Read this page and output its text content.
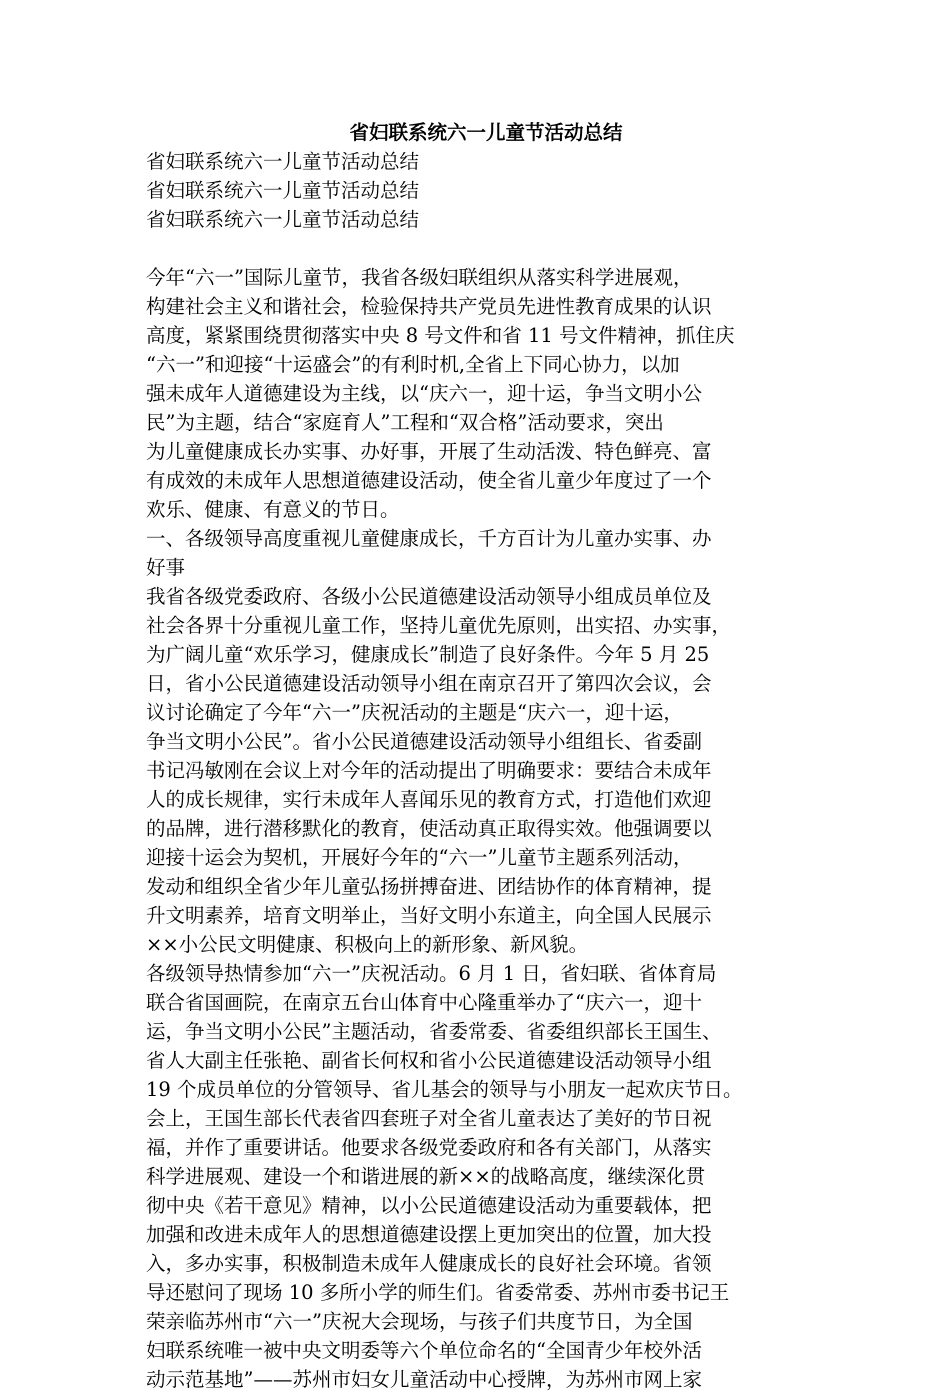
省妇联系统六一儿童节活动总结
省妇联系统六一儿童节活动总结
省妇联系统六一儿童节活动总结
省妇联系统六一儿童节活动总结
今年“六一”国际儿童节，我省各级妇联组织从落实科学进展观，
构建社会主义和谐社会，检验保持共产党员先进性教育成果的认识
高度，紧紧围绕贯彻落实中央 8 号文件和省 11 号文件精神，抓住庆
“六一”和迎接“十运盛会”的有利时机,全省上下同心协力，以加
强未成年人道德建设为主线，以“庆六一，迎十运，争当文明小公
民”为主题，结合“家庭育人”工程和“双合格”活动要求，突出
为儿童健康成长办实事、办好事，开展了生动活泼、特色鲜亮、富
有成效的未成年人思想道德建设活动，使全省儿童少年度过了一个
欢乐、健康、有意义的节日。
一、各级领导高度重视儿童健康成长，千方百计为儿童办实事、办
好事
我省各级党委政府、各级小公民道德建设活动领导小组成员单位及
社会各界十分重视儿童工作，坚持儿童优先原则，出实招、办实事，
为广阔儿童“欢乐学习，健康成长”制造了良好条件。今年 5 月 25
日，省小公民道德建设活动领导小组在南京召开了第四次会议，会
议讨论确定了今年“六一”庆祝活动的主题是“庆六一，迎十运，
争当文明小公民”。省小公民道德建设活动领导小组组长、省委副
书记冯敏刚在会议上对今年的活动提出了明确要求：要结合未成年
人的成长规律，实行未成年人喜闻乐见的教育方式，打造他们欢迎
的品牌，进行潜移默化的教育，使活动真正取得实效。他强调要以
迎接十运会为契机，开展好今年的“六一”儿童节主题系列活动，
发动和组织全省少年儿童弘扬拼搏奋进、团结协作的体育精神，提
升文明素养，培育文明举止，当好文明小东道主，向全国人民展示
××小公民文明健康、积极向上的新形象、新风貌。
各级领导热情参加“六一”庆祝活动。6 月 1 日，省妇联、省体育局
联合省国画院，在南京五台山体育中心隆重举办了“庆六一，迎十
运，争当文明小公民”主题活动，省委常委、省委组织部长王国生、
省人大副主任张艳、副省长何权和省小公民道德建设活动领导小组
19 个成员单位的分管领导、省儿基会的领导与小朋友一起欢庆节日。
会上，王国生部长代表省四套班子对全省儿童表达了美好的节日祝
福，并作了重要讲话。他要求各级党委政府和各有关部门，从落实
科学进展观、建设一个和谐进展的新××的战略高度，继续深化贯
彻中央《若干意见》精神，以小公民道德建设活动为重要载体，把
加强和改进未成年人的思想道德建设摆上更加突出的位置，加大投
入，多办实事，积极制造未成年人健康成长的良好社会环境。省领
导还慰问了现场 10 多所小学的师生们。省委常委、苏州市委书记王
荣亲临苏州市“六一”庆祝大会现场，与孩子们共度节日，为全国
妇联系统唯一被中央文明委等六个单位命名的“全国青少年校外活
动示范基地”——苏州市妇女儿童活动中心授牌，为苏州市网上家
